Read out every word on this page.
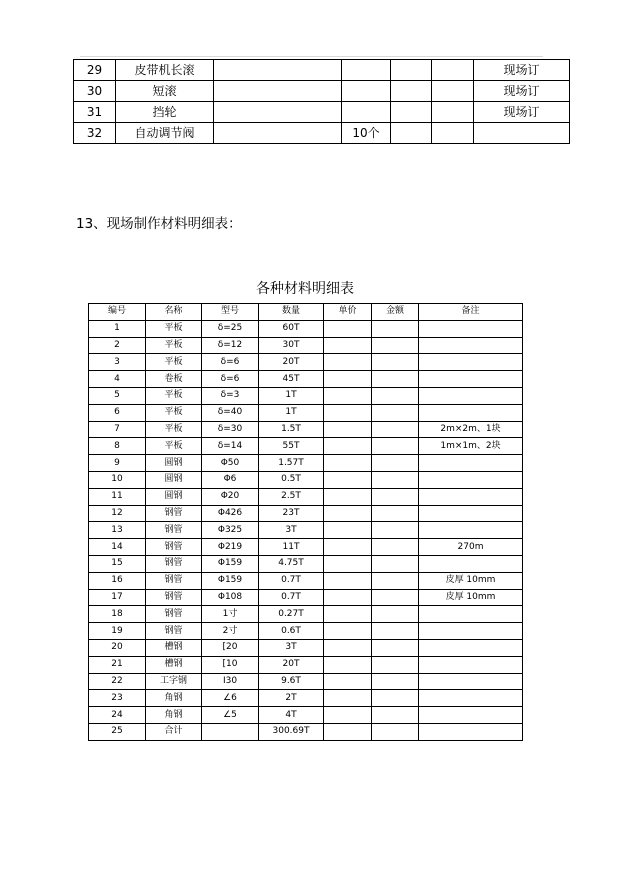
29	皮带机长滚					现场订
30	短滚					现场订
31	挡轮					现场订
32	自动调节阀		10个			
13、现场制作材料明细表：
各种材料明细表
编号	名称	型号	数量	单价	金额	备注
1	平板	δ=25	60T			
2	平板	δ=12	30T			
3	平板	δ=6	20T			
4	卷板	δ=6	45T			
5	平板	δ=3	1T			
6	平板	δ=40	1T			
7	平板	δ=30	1.5T			2m×2m、1块
8	平板	δ=14	55T			1m×1m、2块
9	圆钢	Φ50	1.57T			
10	圆钢	Φ6	0.5T			
11	圆钢	Φ20	2.5T			
12	钢管	Φ426	23T			
13	钢管	Φ325	3T			
14	钢管	Φ219	11T			270m
15	钢管	Φ159	4.75T			
16	钢管	Φ159	0.7T			皮厚 10mm
17	钢管	Φ108	0.7T			皮厚 10mm
18	钢管	1寸	0.27T			
19	钢管	2寸	0.6T			
20	槽钢	[20	3T			
21	槽钢	[10	20T			
22	工字钢	I30	9.6T			
23	角钢	∠6	2T			
24	角钢	∠5	4T			
25	合计		300.69T			
